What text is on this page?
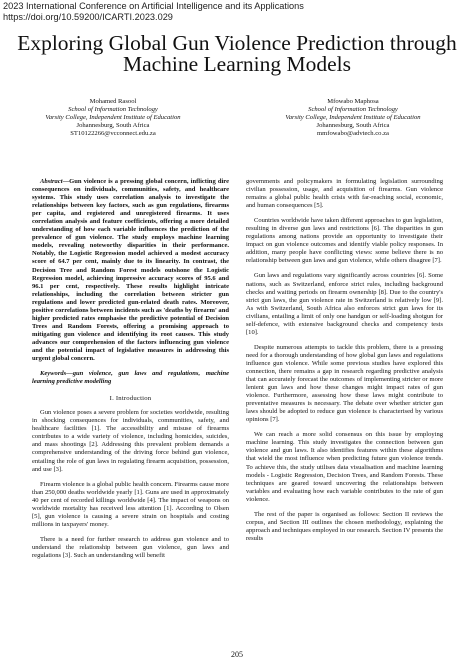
2023 International Conference on Artificial Intelligence and its Applications
https://doi.org/10.59200/ICARTI.2023.029
Exploring Global Gun Violence Prediction through
Machine Learning Models
Mohamed Rasool
School of Information Technology
Varsity College, Independent Institute of Education
Johannesburg, South Africa
ST10122266@vcconnect.edu.za
Mfowabo Maphosa
School of Information Technology
Varsity College, Independent Institute of Education
Johannesburg, South Africa
mmfowabo@advtech.co.za
Abstract—Gun violence is a pressing global concern, inflicting dire consequences on individuals, communities, safety, and healthcare systems. This study uses correlation analysis to investigate the relationships between key factors, such as gun regulations, firearms per capita, and registered and unregistered firearms. It uses correlation analysis and feature coefficients, offering a more detailed understanding of how each variable influences the prediction of the prevalence of gun violence. The study employs machine learning models, revealing noteworthy disparities in their performance. Notably, the Logistic Regression model achieved a modest accuracy score of 64.7 per cent, mainly due to its linearity. In contrast, the Decision Tree and Random Forest models outshone the Logistic Regression model, achieving impressive accuracy scores of 95.6 and 96.1 per cent, respectively. These results highlight intricate relationships, including the correlation between stricter gun regulations and lower predicted gun-related death rates. Moreover, positive correlations between incidents such as 'deaths by firearm' and higher predicted rates emphasise the predictive potential of Decision Trees and Random Forests, offering a promising approach to mitigating gun violence and identifying its root causes. This study advances our comprehension of the factors influencing gun violence and the potential impact of legislative measures in addressing this urgent global concern.
Keywords—gun violence, gun laws and regulations, machine learning predictive modelling
I. Introduction

Gun violence poses a severe problem for societies worldwide, resulting in shocking consequences for individuals, communities, safety, and healthcare facilities [1]. The accessibility and misuse of firearms contributes to a wide variety of violence, including homicides, suicides, and mass shootings [2]. Addressing this prevalent problem demands a comprehensive understanding of the driving force behind gun violence, entailing the role of gun laws in regulating firearm acquisition, possession, and use [3].

Firearm violence is a global public health concern. Firearms cause more than 250,000 deaths worldwide yearly [1]. Guns are used in approximately 40 per cent of recorded killings worldwide [4]. The impact of weapons on worldwide mortality has received less attention [1]. According to Olsen [5], gun violence is causing a severe strain on hospitals and costing millions in taxpayers' money.

There is a need for further research to address gun violence and to understand the relationship between gun violence, gun laws and regulations [3]. Such an understanding will benefit

governments and policymakers in formulating legislation surrounding civilian possession, usage, and acquisition of firearms. Gun violence remains a global public health crisis with far-reaching social, economic, and human consequences [5].

Countries worldwide have taken different approaches to gun legislation, resulting in diverse gun laws and restrictions [6]. The disparities in gun regulations among nations provide an opportunity to investigate their impact on gun violence outcomes and identify viable policy responses. In addition, many people have conflicting views: some believe there is no relationship between gun laws and gun violence, while others disagree [7].

Gun laws and regulations vary significantly across countries [6]. Some nations, such as Switzerland, enforce strict rules, including background checks and waiting periods on firearm ownership [8]. Due to the country's strict gun laws, the gun violence rate in Switzerland is relatively low [9]. As with Switzerland, South Africa also enforces strict gun laws for its civilians, entailing a limit of only one handgun or self-loading shotgun for self-defence, with extensive background checks and competency tests [10].

Despite numerous attempts to tackle this problem, there is a pressing need for a thorough understanding of how global gun laws and regulations influence gun violence. While some previous studies have explored this connection, there remains a gap in research regarding predictive analysis that can accurately forecast the outcomes of implementing stricter or more lenient gun laws and how these changes might impact rates of gun violence. Furthermore, assessing how these laws might contribute to preventative measures is necessary. The debate over whether stricter gun laws should be adopted to reduce gun violence is characterised by various opinions [7].

We can reach a more solid consensus on this issue by employing machine learning. This study investigates the connection between gun violence and gun laws. It also identifies features within these algorithms that wield the most influence when predicting future gun violence trends. To achieve this, the study utilises data visualisation and machine learning models - Logistic Regression, Decision Trees, and Random Forests. These techniques are geared toward uncovering the relationships between variables and evaluating how each variable contributes to the rate of gun violence.

The rest of the paper is organised as follows: Section II reviews the corpus, and Section III outlines the chosen methodology, explaining the approach and techniques employed in our research. Section IV presents the results

205
